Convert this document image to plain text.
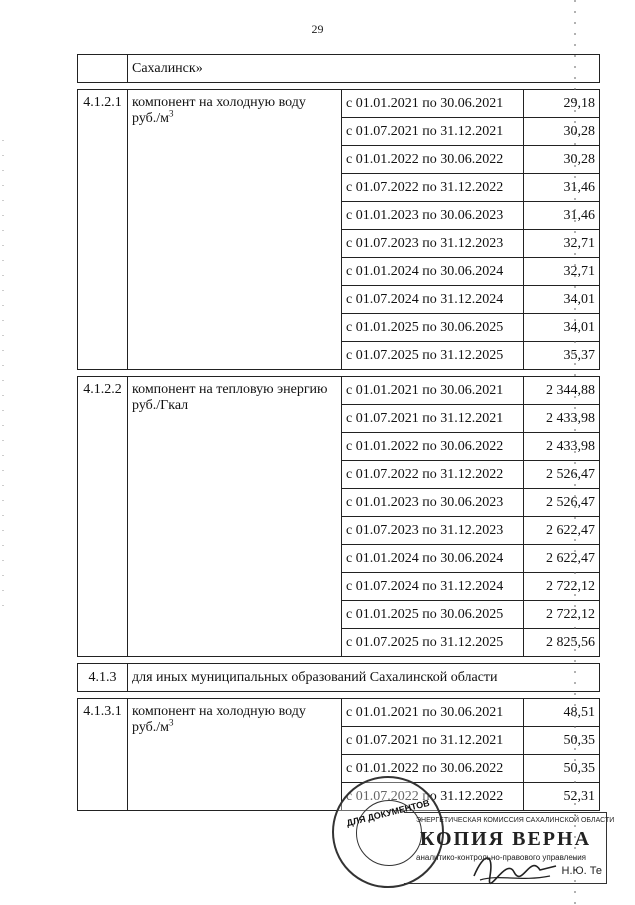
29
	Сахалинск»		

4.1.2.1	компонент на холодную воду $руб./м^3$	с 01.01.2021 по 30.06.2021	29,18
		с 01.07.2021 по 31.12.2021	30,28
		с 01.01.2022 по 30.06.2022	30,28
		с 01.07.2022 по 31.12.2022	31,46
		с 01.01.2023 по 30.06.2023	31,46
		с 01.07.2023 по 31.12.2023	32,71
		с 01.01.2024 по 30.06.2024	32,71
		с 01.07.2024 по 31.12.2024	34,01
		с 01.01.2025 по 30.06.2025	34,01
		с 01.07.2025 по 31.12.2025	35,37

4.1.2.2	компонент на тепловую энергию руб./Гкал	с 01.01.2021 по 30.06.2021	2 344,88
		с 01.07.2021 по 31.12.2021	2 433,98
		с 01.01.2022 по 30.06.2022	2 433,98
		с 01.07.2022 по 31.12.2022	2 526,47
		с 01.01.2023 по 30.06.2023	2 526,47
		с 01.07.2023 по 31.12.2023	2 622,47
		с 01.01.2024 по 30.06.2024	2 622,47
		с 01.07.2024 по 31.12.2024	2 722,12
		с 01.01.2025 по 30.06.2025	2 722,12
		с 01.07.2025 по 31.12.2025	2 825,56

4.1.3	для иных муниципальных образований Сахалинской области		

4.1.3.1	компонент на холодную воду $руб./м^3$	с 01.01.2021 по 30.06.2021	48,51
		с 01.07.2021 по 31.12.2021	50,35
		с 01.01.2022 по 30.06.2022	50,35
		с 01.07.2022 по 31.12.2022	52,31
ДЛЯ ДОКУМЕНТОВ
ЭНЕРГЕТИЧЕСКАЯ КОМИССИЯ САХАЛИНСКОЙ ОБЛАСТИ
КОПИЯ ВЕРНА
аналитико-контрольно-правового управления
Н.Ю. Те
